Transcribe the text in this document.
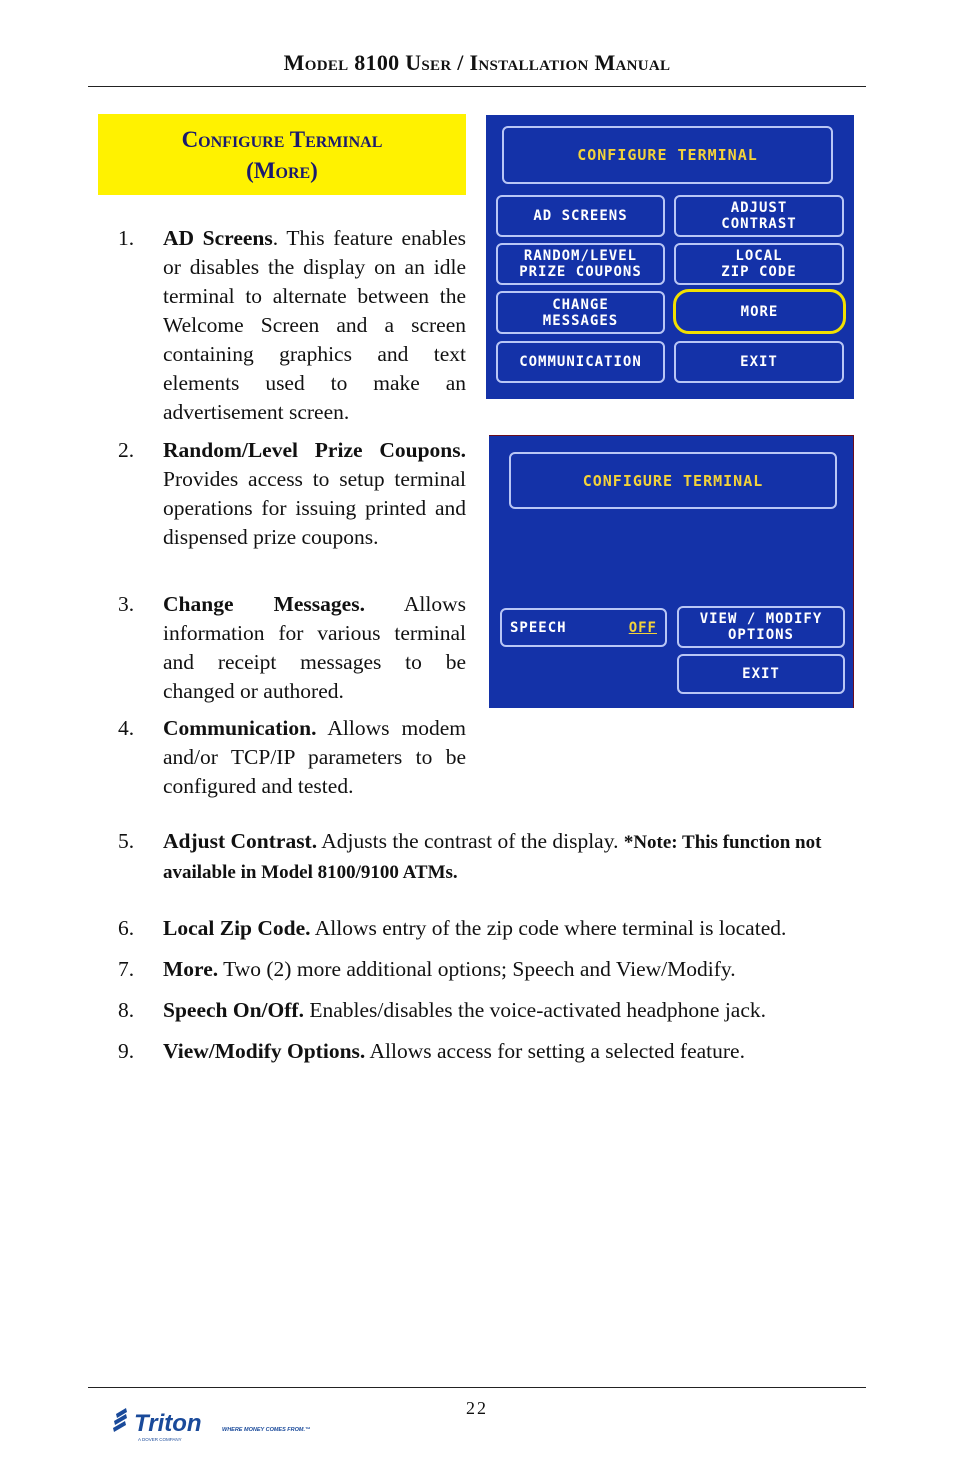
Model 8100 User / Installation Manual
Configure Terminal
(More)
1.	AD Screens. This feature enables or disables the display on an idle terminal to alternate between the Welcome Screen and a screen containing graphics and text elements used to make an advertisement screen.
2.	Random/Level Prize Coupons. Provides access to setup terminal operations for issuing printed and dispensed prize coupons.
3.	Change Messages. Allows information for various terminal and receipt messages to be changed or authored.
4.	Communication. Allows modem and/or TCP/IP parameters to be configured and tested.
5.	Adjust Contrast. Adjusts the contrast of the display. *Note: This function not available in Model 8100/9100 ATMs.
6.	Local Zip Code. Allows entry of the zip code where terminal is located.
7.	More. Two (2) more additional options; Speech and View/Modify.
8.	Speech On/Off. Enables/disables the voice-activated headphone jack.
9.	View/Modify Options. Allows access for setting a selected feature.
CONFIGURE TERMINAL
AD SCREENS	ADJUST
CONTRAST
RANDOM/LEVEL
PRIZE COUPONS
LOCAL
ZIP CODE
CHANGE
MESSAGES
MORE
COMMUNICATION	EXIT
CONFIGURE TERMINAL
SPEECH	OFF
VIEW / MODIFY
OPTIONS
EXIT
22
Triton	WHERE MONEY COMES FROM.™
A DOVER COMPANY
